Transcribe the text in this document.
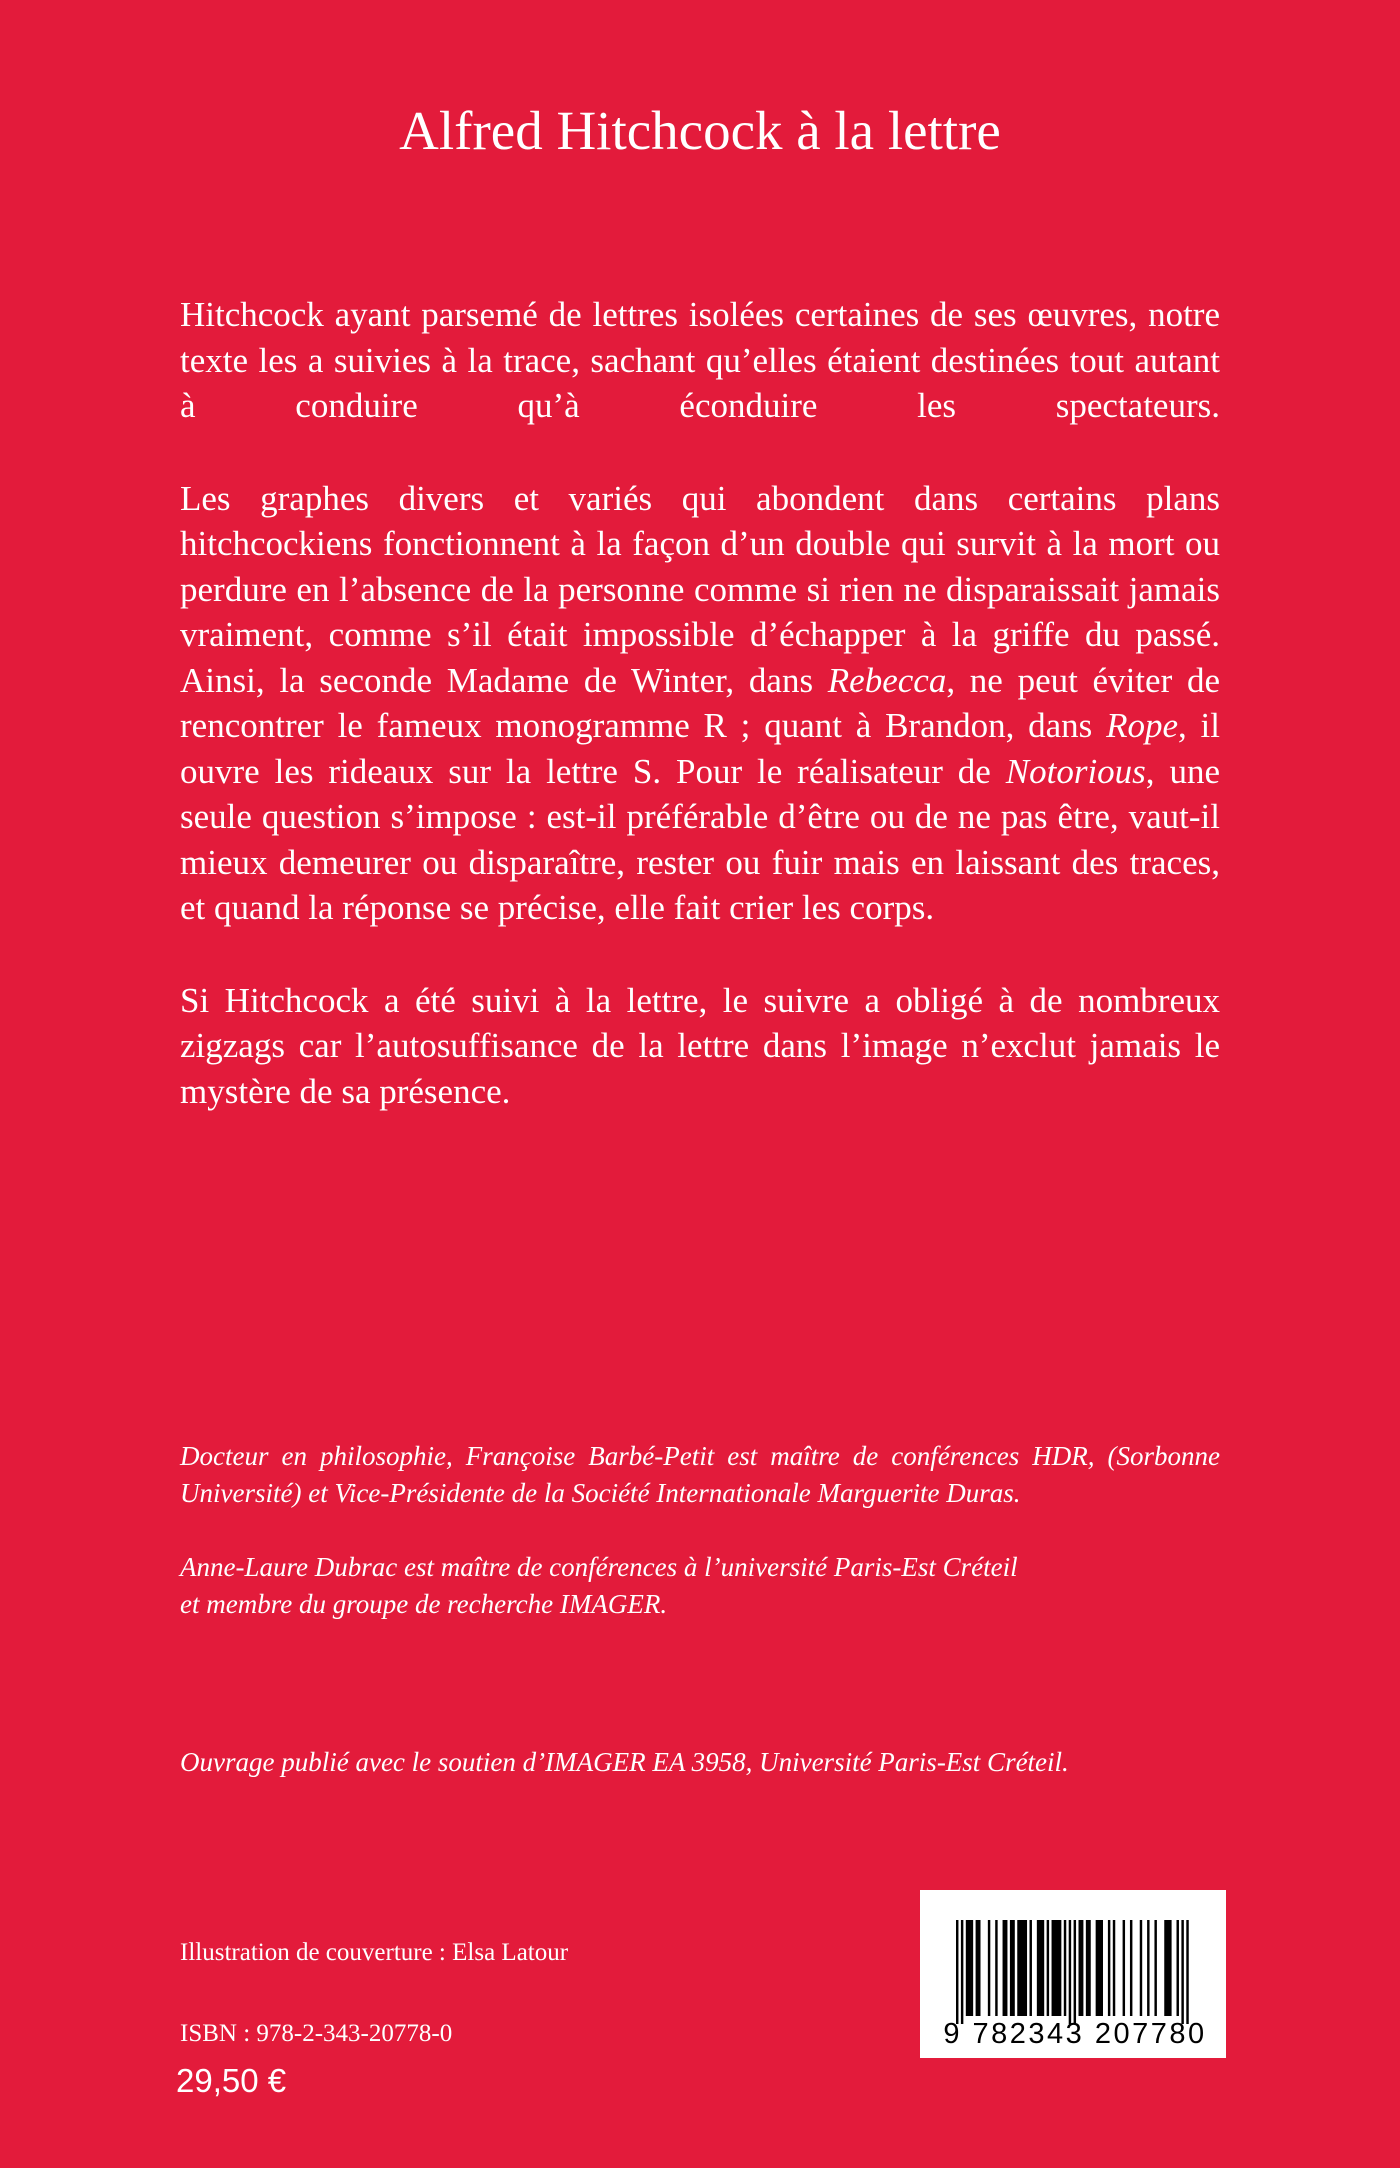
Alfred Hitchcock à la lettre

Hitchcock ayant parsemé de lettres isolées certaines de ses œuvres, notre texte les a suivies à la trace, sachant qu’elles étaient destinées tout autant à conduire qu’à éconduire les spectateurs.

Les graphes divers et variés qui abondent dans certains plans hitchcockiens fonctionnent à la façon d’un double qui survit à la mort ou perdure en l’absence de la personne comme si rien ne disparaissait jamais vraiment, comme s’il était impossible d’échapper à la griffe du passé. Ainsi, la seconde Madame de Winter, dans Rebecca, ne peut éviter de rencontrer le fameux monogramme R ; quant à Brandon, dans Rope, il ouvre les rideaux sur la lettre S. Pour le réalisateur de Notorious, une seule question s’impose : est-il préférable d’être ou de ne pas être, vaut-il mieux demeurer ou disparaître, rester ou fuir mais en laissant des traces, et quand la réponse se précise, elle fait crier les corps.

Si Hitchcock a été suivi à la lettre, le suivre a obligé à de nombreux zigzags car l’autosuffisance de la lettre dans l’image n’exclut jamais le mystère de sa présence.

Docteur en philosophie, Françoise Barbé-Petit est maître de conférences HDR, (Sorbonne Université) et Vice-Présidente de la Société Internationale Marguerite Duras.

Anne-Laure Dubrac est maître de conférences à l’université Paris-Est Créteil
et membre du groupe de recherche IMAGER.

Ouvrage publié avec le soutien d’IMAGER EA 3958, Université Paris-Est Créteil.
Illustration de couverture : Elsa Latour
ISBN : 978-2-343-20778-0
29,50 €
9 782343 207780
